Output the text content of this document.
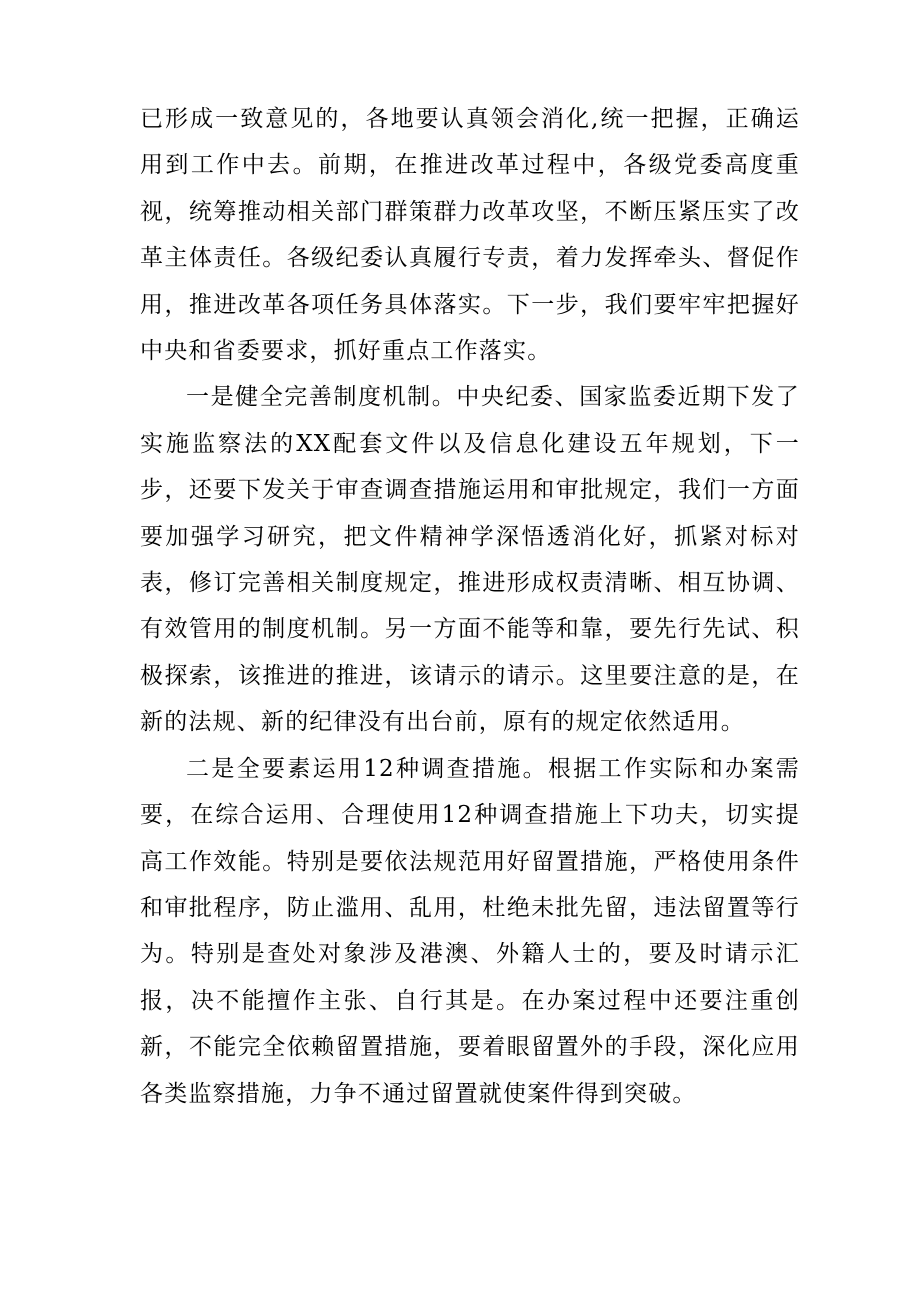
已形成一致意见的，各地要认真领会消化,统一把握，正确运用到工作中去。前期，在推进改革过程中，各级党委高度重视，统筹推动相关部门群策群力改革攻坚，不断压紧压实了改革主体责任。各级纪委认真履行专责，着力发挥牵头、督促作用，推进改革各项任务具体落实。下一步，我们要牢牢把握好中央和省委要求，抓好重点工作落实。

一是健全完善制度机制。中央纪委、国家监委近期下发了实施监察法的XX配套文件以及信息化建设五年规划，下一步，还要下发关于审查调查措施运用和审批规定，我们一方面要加强学习研究，把文件精神学深悟透消化好，抓紧对标对表，修订完善相关制度规定，推进形成权责清晰、相互协调、有效管用的制度机制。另一方面不能等和靠，要先行先试、积极探索，该推进的推进，该请示的请示。这里要注意的是，在新的法规、新的纪律没有出台前，原有的规定依然适用。

二是全要素运用12种调查措施。根据工作实际和办案需要，在综合运用、合理使用12种调查措施上下功夫，切实提高工作效能。特别是要依法规范用好留置措施，严格使用条件和审批程序，防止滥用、乱用，杜绝未批先留，违法留置等行为。特别是查处对象涉及港澳、外籍人士的，要及时请示汇报，决不能擅作主张、自行其是。在办案过程中还要注重创新，不能完全依赖留置措施，要着眼留置外的手段，深化应用各类监察措施，力争不通过留置就使案件得到突破。
